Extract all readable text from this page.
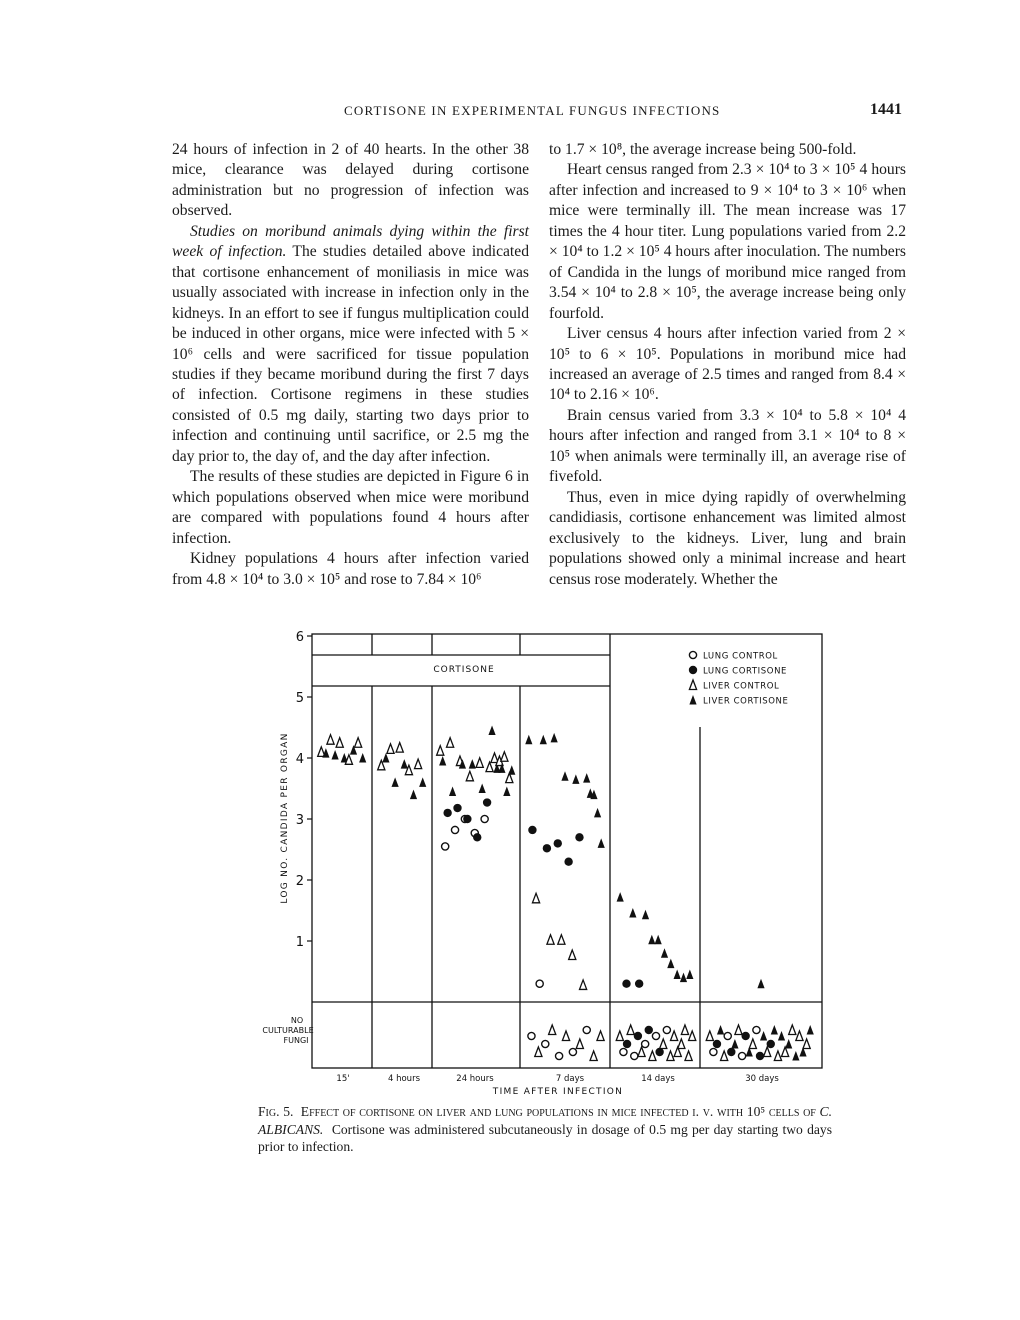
CORTISONE IN EXPERIMENTAL FUNGUS INFECTIONS	1441

24 hours of infection in 2 of 40 hearts. In the other 38 mice, clearance was delayed during cortisone administration but no progression of infection was observed.

Studies on moribund animals dying within the first week of infection. The studies detailed above indicated that cortisone enhancement of moniliasis in mice was usually associated with increase in infection only in the kidneys. In an effort to see if fungus multiplication could be induced in other organs, mice were infected with 5 × 10⁶ cells and were sacrificed for tissue population studies if they became moribund during the first 7 days of infection. Cortisone regimens in these studies consisted of 0.5 mg daily, starting two days prior to infection and continuing until sacrifice, or 2.5 mg the day prior to, the day of, and the day after infection.

The results of these studies are depicted in Figure 6 in which populations observed when mice were moribund are compared with populations found 4 hours after infection.

Kidney populations 4 hours after infection varied from 4.8 × 10⁴ to 3.0 × 10⁵ and rose to 7.84 × 10⁶

to 1.7 × 10⁸, the average increase being 500-fold.

Heart census ranged from 2.3 × 10⁴ to 3 × 10⁵ 4 hours after infection and increased to 9 × 10⁴ to 3 × 10⁶ when mice were terminally ill. The mean increase was 17 times the 4 hour titer. Lung populations varied from 2.2 × 10⁴ to 1.2 × 10⁵ 4 hours after inoculation. The numbers of Candida in the lungs of moribund mice ranged from 3.54 × 10⁴ to 2.8 × 10⁵, the average increase being only fourfold.

Liver census 4 hours after infection varied from 2 × 10⁵ to 6 × 10⁵. Populations in moribund mice had increased an average of 2.5 times and ranged from 8.4 × 10⁴ to 2.16 × 10⁶.

Brain census varied from 3.3 × 10⁴ to 5.8 × 10⁴ 4 hours after infection and ranged from 3.1 × 10⁴ to 8 × 10⁵ when animals were terminally ill, an average rise of fivefold.

Thus, even in mice dying rapidly of overwhelming candidiasis, cortisone enhancement was limited almost exclusively to the kidneys. Liver, lung and brain populations showed only a minimal increase and heart census rose moderately. Whether the

CORTISONE
1
2
3
4
5
6
LOG NO. CANDIDA PER ORGAN
NO
CULTURABLE
FUNGI
15'	4 hours	24 hours	7 days	14 days	30 days
TIME AFTER INFECTION
LUNG CONTROL
LUNG CORTISONE
LIVER CONTROL
LIVER CORTISONE
Fig. 5. Effect of cortisone on liver and lung populations in mice infected i. v. with 10⁵ cells of C. ALBICANS. Cortisone was administered subcutaneously in dosage of 0.5 mg per day starting two days prior to infection.
